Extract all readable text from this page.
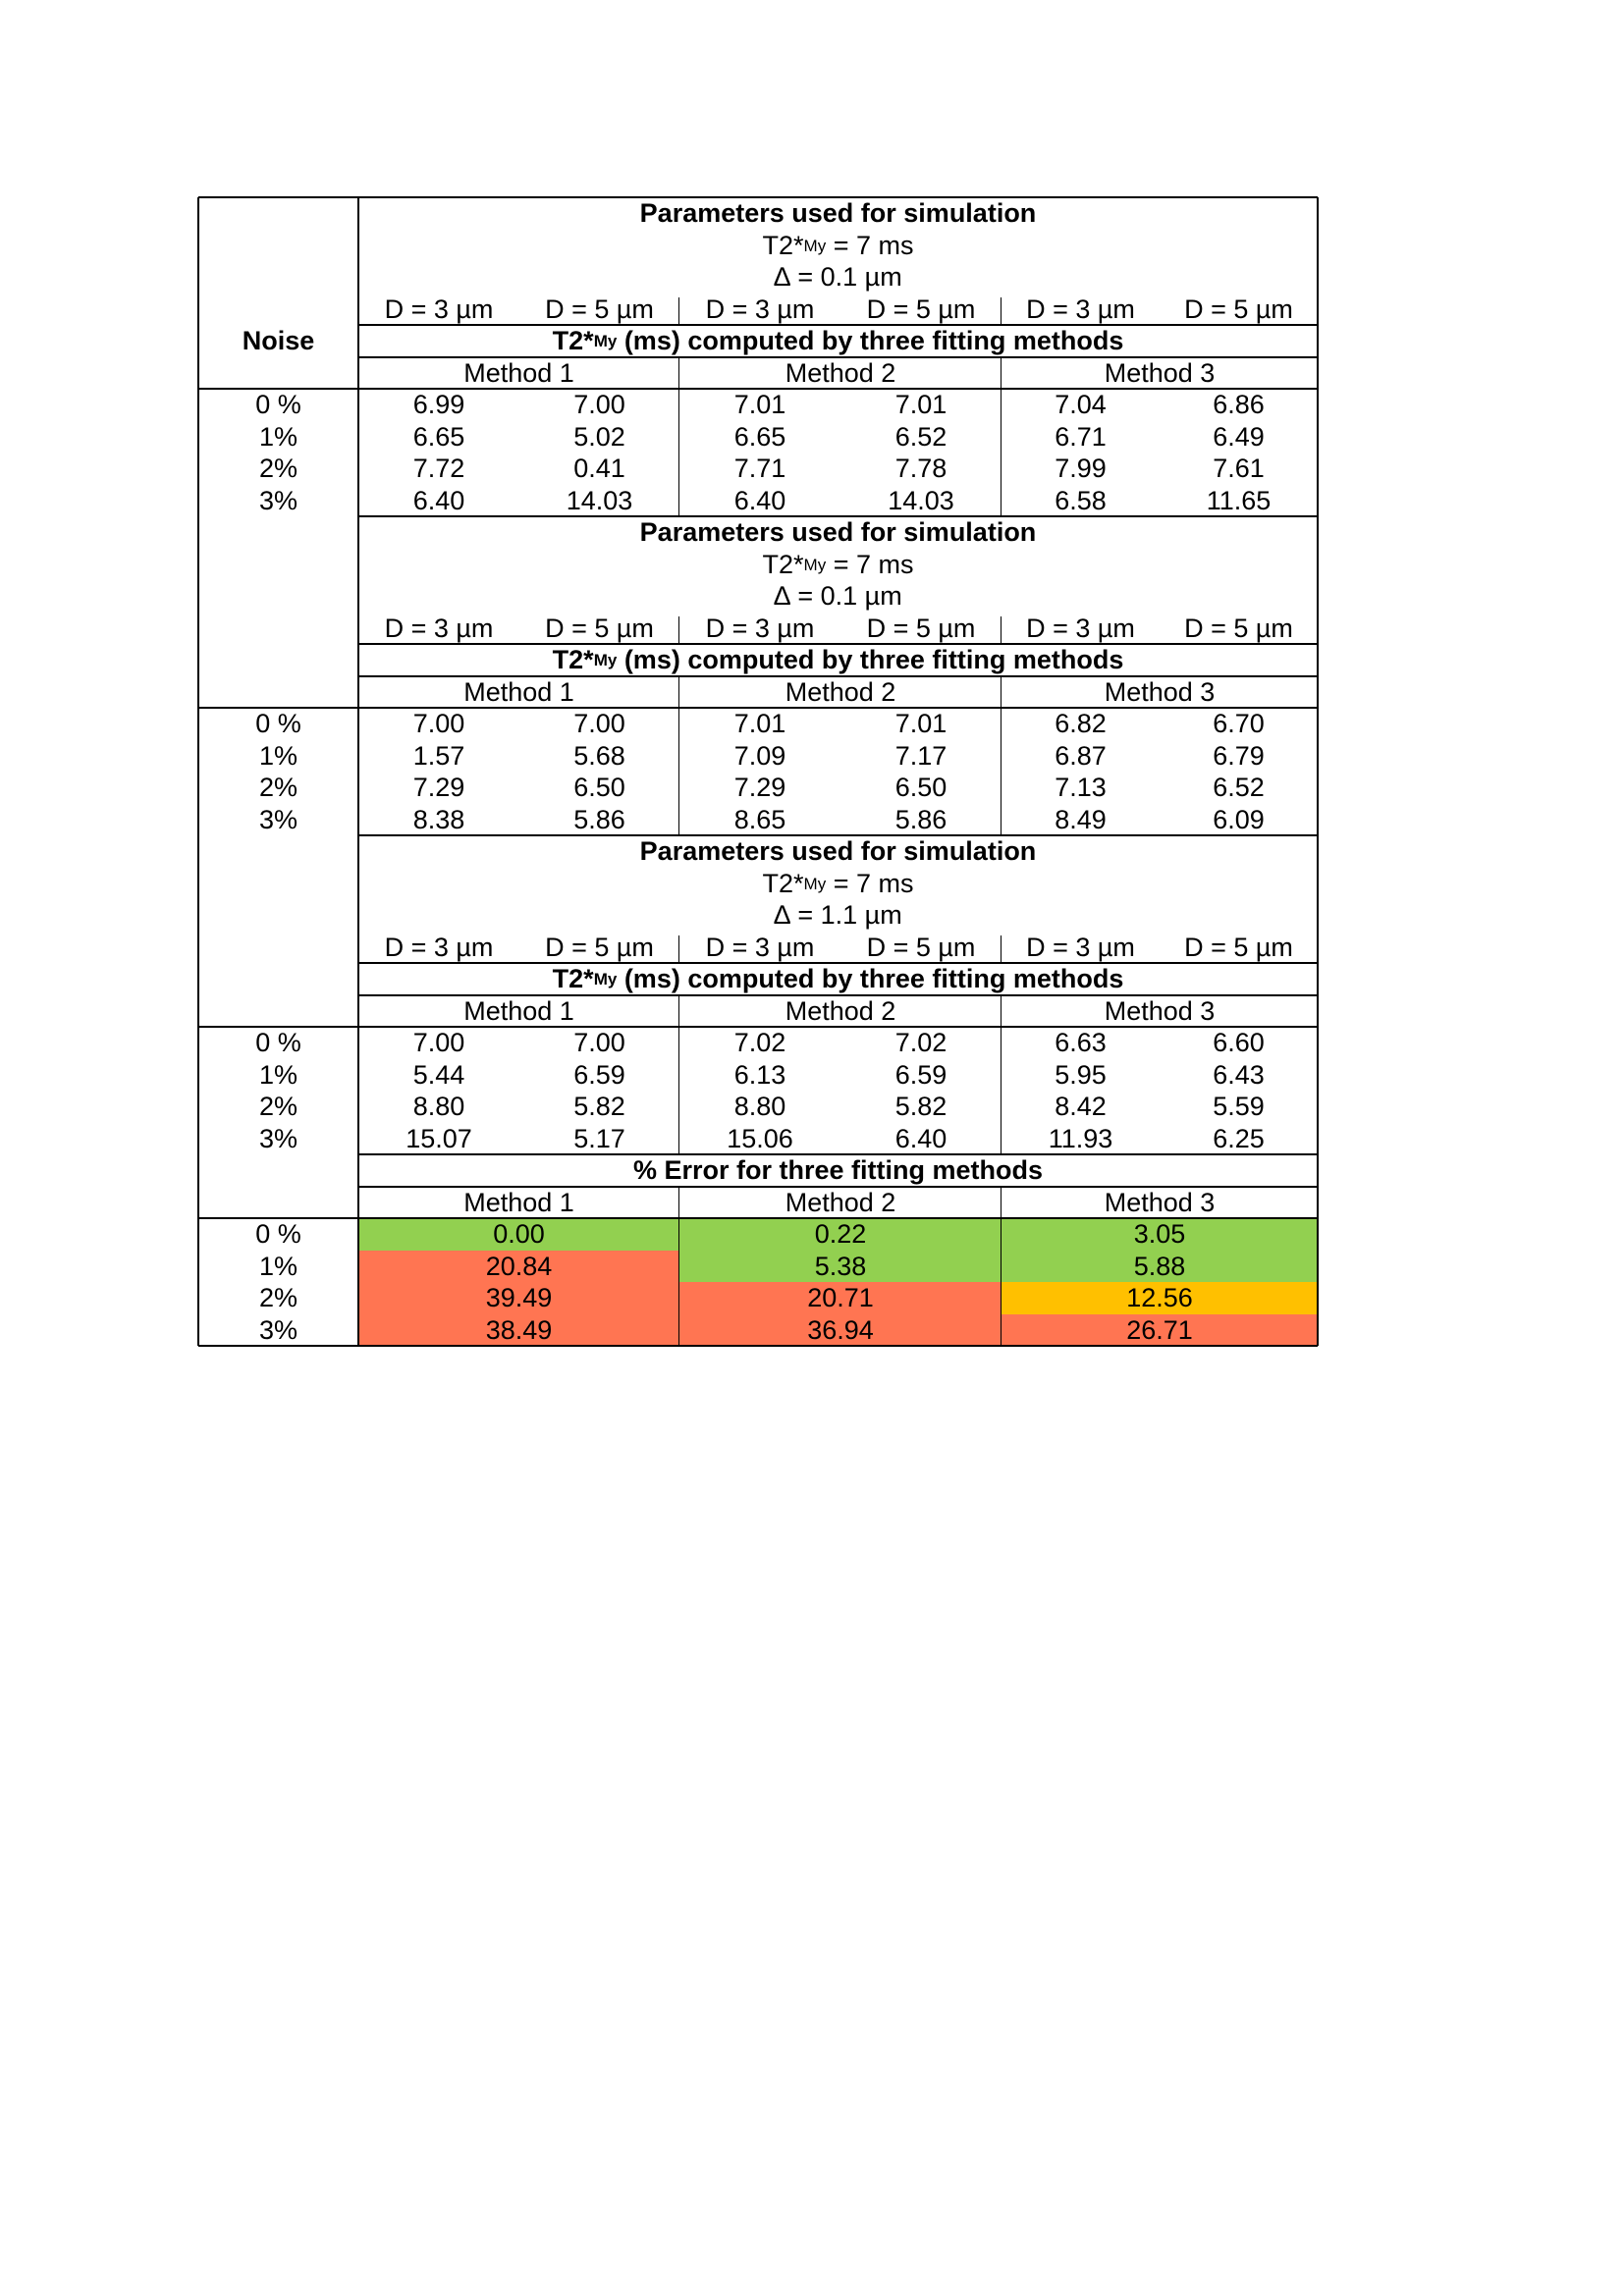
Parameters used for simulation
T2* My = 7 ms
∆ = 0.1 µm
D = 3 µm	D = 5 µm	D = 3 µm	D = 5 µm	D = 3 µm	D = 5 µm
T2* My (ms) computed by three fitting methods
Method 1	Method 2	Method 3
0 %	6.99	7.00	7.01	7.01	7.04	6.86
1%	6.65	5.02	6.65	6.52	6.71	6.49
2%	7.72	0.41	7.71	7.78	7.99	7.61
3%	6.40	14.03	6.40	14.03	6.58	11.65
Parameters used for simulation
T2* My = 7 ms
∆ = 0.1 µm
D = 3 µm	D = 5 µm	D = 3 µm	D = 5 µm	D = 3 µm	D = 5 µm
T2* My (ms) computed by three fitting methods
Method 1	Method 2	Method 3
0 %	7.00	7.00	7.01	7.01	6.82	6.70
1%	1.57	5.68	7.09	7.17	6.87	6.79
2%	7.29	6.50	7.29	6.50	7.13	6.52
3%	8.38	5.86	8.65	5.86	8.49	6.09
Parameters used for simulation
T2* My = 7 ms
∆ = 1.1 µm
D = 3 µm	D = 5 µm	D = 3 µm	D = 5 µm	D = 3 µm	D = 5 µm
T2* My (ms) computed by three fitting methods
Method 1	Method 2	Method 3
0 %	7.00	7.00	7.02	7.02	6.63	6.60
1%	5.44	6.59	6.13	6.59	5.95	6.43
2%	8.80	5.82	8.80	5.82	8.42	5.59
3%	15.07	5.17	15.06	6.40	11.93	6.25
Noise
% Error for three fitting methods
Method 1	Method 2	Method 3
0 %	0.00	0.22	3.05
1%	20.84	5.38	5.88
2%	39.49	20.71	12.56
3%	38.49	36.94	26.71
